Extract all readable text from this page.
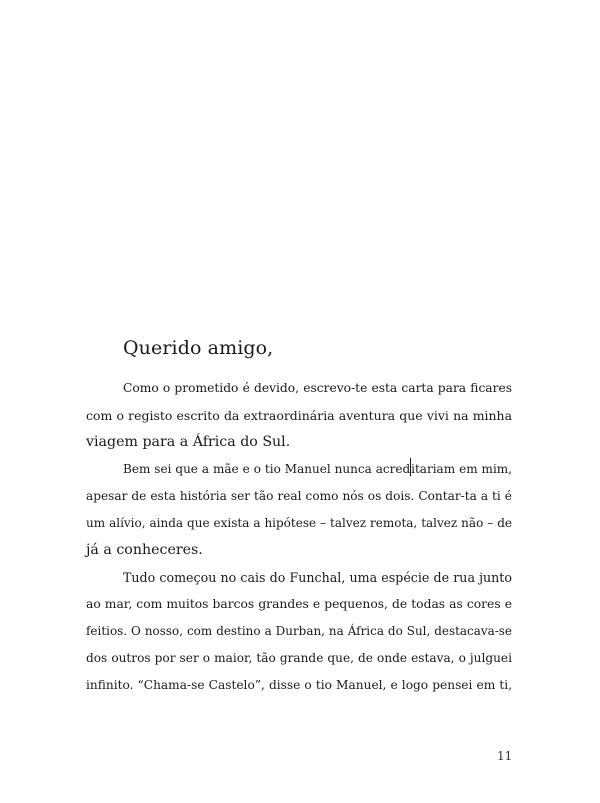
Querido amigo,
Como o prometido é devido, escrevo-te esta carta para ficares
com o registo escrito da extraordinária aventura que vivi na minha
viagem para a África do Sul.
Bem sei que a mãe e o tio Manuel nunca acreditariam em mim,
apesar de esta história ser tão real como nós os dois. Contar-ta a ti é
um alívio, ainda que exista a hipótese – talvez remota, talvez não – de
já a conheceres.
Tudo começou no cais do Funchal, uma espécie de rua junto
ao mar, com muitos barcos grandes e pequenos, de todas as cores e
feitios. O nosso, com destino a Durban, na África do Sul, destacava-se
dos outros por ser o maior, tão grande que, de onde estava, o julguei
infinito. “Chama-se Castelo”, disse o tio Manuel, e logo pensei em ti,
11
